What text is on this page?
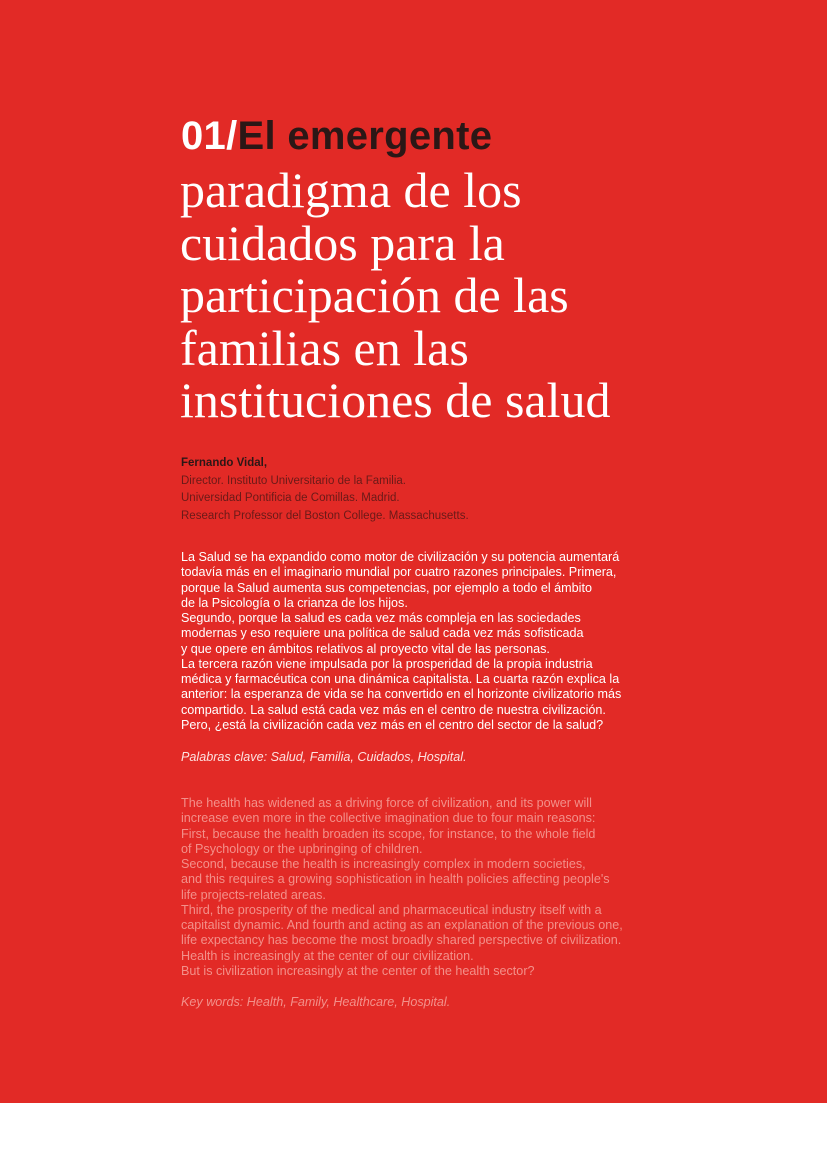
01/El emergente
paradigma de los
cuidados para la
participación de las
familias en las
instituciones de salud
Fernando Vidal,
Director. Instituto Universitario de la Familia.
Universidad Pontificia de Comillas. Madrid.
Research Professor del Boston College. Massachusetts.
La Salud se ha expandido como motor de civilización y su potencia aumentará
todavía más en el imaginario mundial por cuatro razones principales. Primera,
porque la Salud aumenta sus competencias, por ejemplo a todo el ámbito
de la Psicología o la crianza de los hijos.
Segundo, porque la salud es cada vez más compleja en las sociedades
modernas y eso requiere una política de salud cada vez más sofisticada
y que opere en ámbitos relativos al proyecto vital de las personas.
La tercera razón viene impulsada por la prosperidad de la propia industria
médica y farmacéutica con una dinámica capitalista. La cuarta razón explica la
anterior: la esperanza de vida se ha convertido en el horizonte civilizatorio más
compartido. La salud está cada vez más en el centro de nuestra civilización.
Pero, ¿está la civilización cada vez más en el centro del sector de la salud?
Palabras clave: Salud, Familia, Cuidados, Hospital.
The health has widened as a driving force of civilization, and its power will
increase even more in the collective imagination due to four main reasons:
First, because the health broaden its scope, for instance, to the whole field
of Psychology or the upbringing of children.
Second, because the health is increasingly complex in modern societies,
and this requires a growing sophistication in health policies affecting people's
life projects-related areas.
Third, the prosperity of the medical and pharmaceutical industry itself with a
capitalist dynamic. And fourth and acting as an explanation of the previous one,
life expectancy has become the most broadly shared perspective of civilization.
Health is increasingly at the center of our civilization.
But is civilization increasingly at the center of the health sector?
Key words: Health, Family, Healthcare, Hospital.
